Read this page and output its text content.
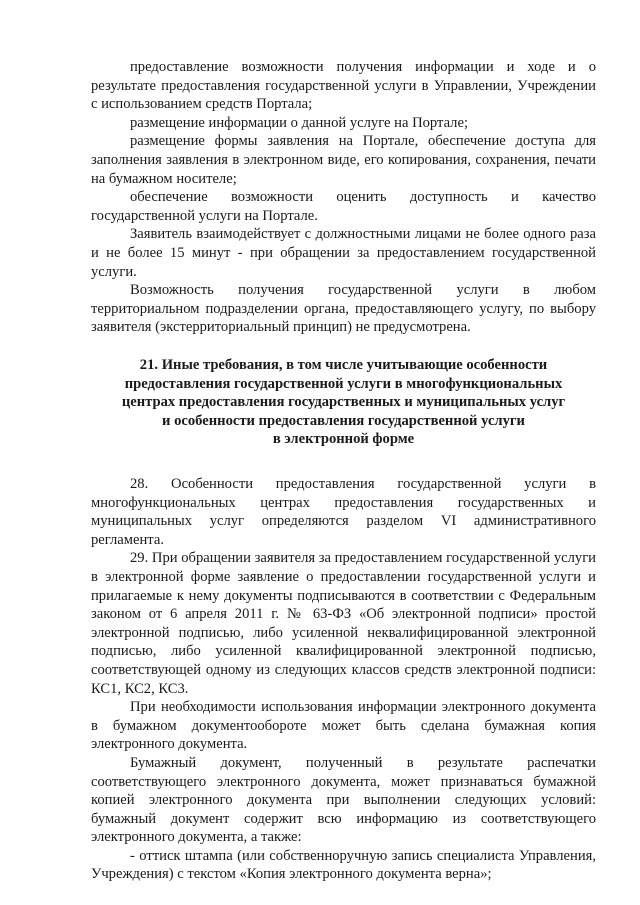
предоставление возможности получения информации и ходе и о результате предоставления государственной услуги в Управлении, Учреждении с использованием средств Портала;

размещение информации о данной услуге на Портале;

размещение формы заявления на Портале, обеспечение доступа для заполнения заявления в электронном виде, его копирования, сохранения, печати на бумажном носителе;

обеспечение возможности оценить доступность и качество государственной услуги на Портале.

Заявитель взаимодействует с должностными лицами не более одного раза и не более 15 минут - при обращении за предоставлением государственной услуги.

Возможность получения государственной услуги в любом территориальном подразделении органа, предоставляющего услугу, по выбору заявителя (экстерриториальный принцип) не предусмотрена.

21. Иные требования, в том числе учитывающие особенности
предоставления государственной услуги в многофункциональных
центрах предоставления государственных и муниципальных услуг
и особенности предоставления государственной услуги
в электронной форме

28. Особенности предоставления государственной услуги в многофункциональных центрах предоставления государственных и муниципальных услуг определяются разделом VI административного регламента.

29. При обращении заявителя за предоставлением государственной услуги в электронной форме заявление о предоставлении государственной услуги и прилагаемые к нему документы подписываются в соответствии с Федеральным законом от 6 апреля 2011 г. № 63-ФЗ «Об электронной подписи» простой электронной подписью, либо усиленной неквалифицированной электронной подписью, либо усиленной квалифицированной электронной подписью, соответствующей одному из следующих классов средств электронной подписи: КС1, КС2, КС3.

При необходимости использования информации электронного документа в бумажном документообороте может быть сделана бумажная копия электронного документа.

Бумажный документ, полученный в результате распечатки соответствующего электронного документа, может признаваться бумажной копией электронного документа при выполнении следующих условий: бумажный документ содержит всю информацию из соответствующего электронного документа, а также:

- оттиск штампа (или собственноручную запись специалиста Управления, Учреждения) с текстом «Копия электронного документа верна»;
